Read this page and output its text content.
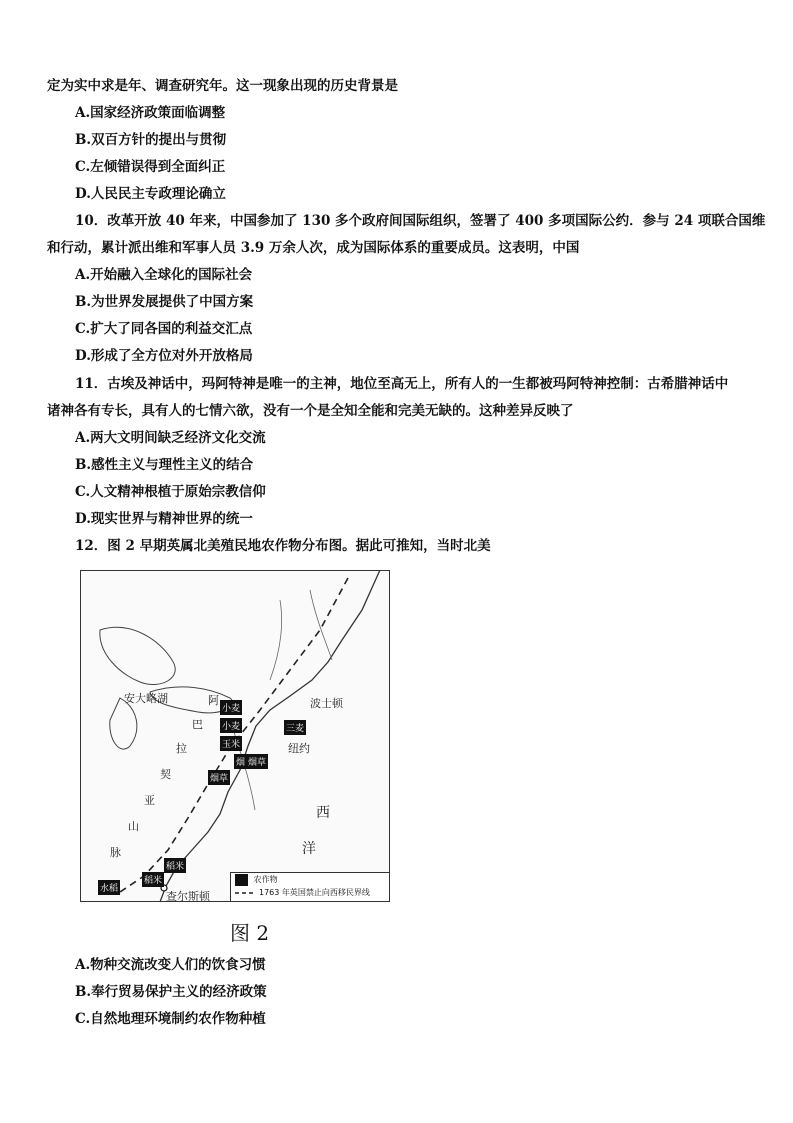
定为实中求是年、调查研究年。这一现象出现的历史背景是
A.国家经济政策面临调整
B.双百方针的提出与贯彻
C.左倾错误得到全面纠正
D.人民民主专政理论确立
10．改革开放 40 年来，中国参加了 130 多个政府间国际组织，签署了 400 多项国际公约．参与 24 项联合国维
和行动，累计派出维和军事人员 3.9 万余人次，成为国际体系的重要成员。这表明，中国
A.开始融入全球化的国际社会
B.为世界发展提供了中国方案
C.扩大了同各国的利益交汇点
D.形成了全方位对外开放格局
11．古埃及神话中，玛阿特神是唯一的主神，地位至高无上，所有人的一生都被玛阿特神控制：古希腊神话中
诸神各有专长，具有人的七情六欲，没有一个是全知全能和完美无缺的。这种差异反映了
A.两大文明间缺乏经济文化交流
B.感性主义与理性主义的结合
C.人文精神根植于原始宗教信仰
D.现实世界与精神世界的统一
12．图 2 早期英属北美殖民地农作物分布图。据此可推知，当时北美
波士顿
纽约
查尔斯顿
西
洋
安大略湖	阿
巴
拉
契
亚
山
脉
小麦
玉米
烟草
烟草
稻米
水稻
稻米
三麦
烟
小麦

农作物
1763 年英国禁止向西移民界线
图 2
A.物种交流改变人们的饮食习惯
B.奉行贸易保护主义的经济政策
C.自然地理环境制约农作物种植
